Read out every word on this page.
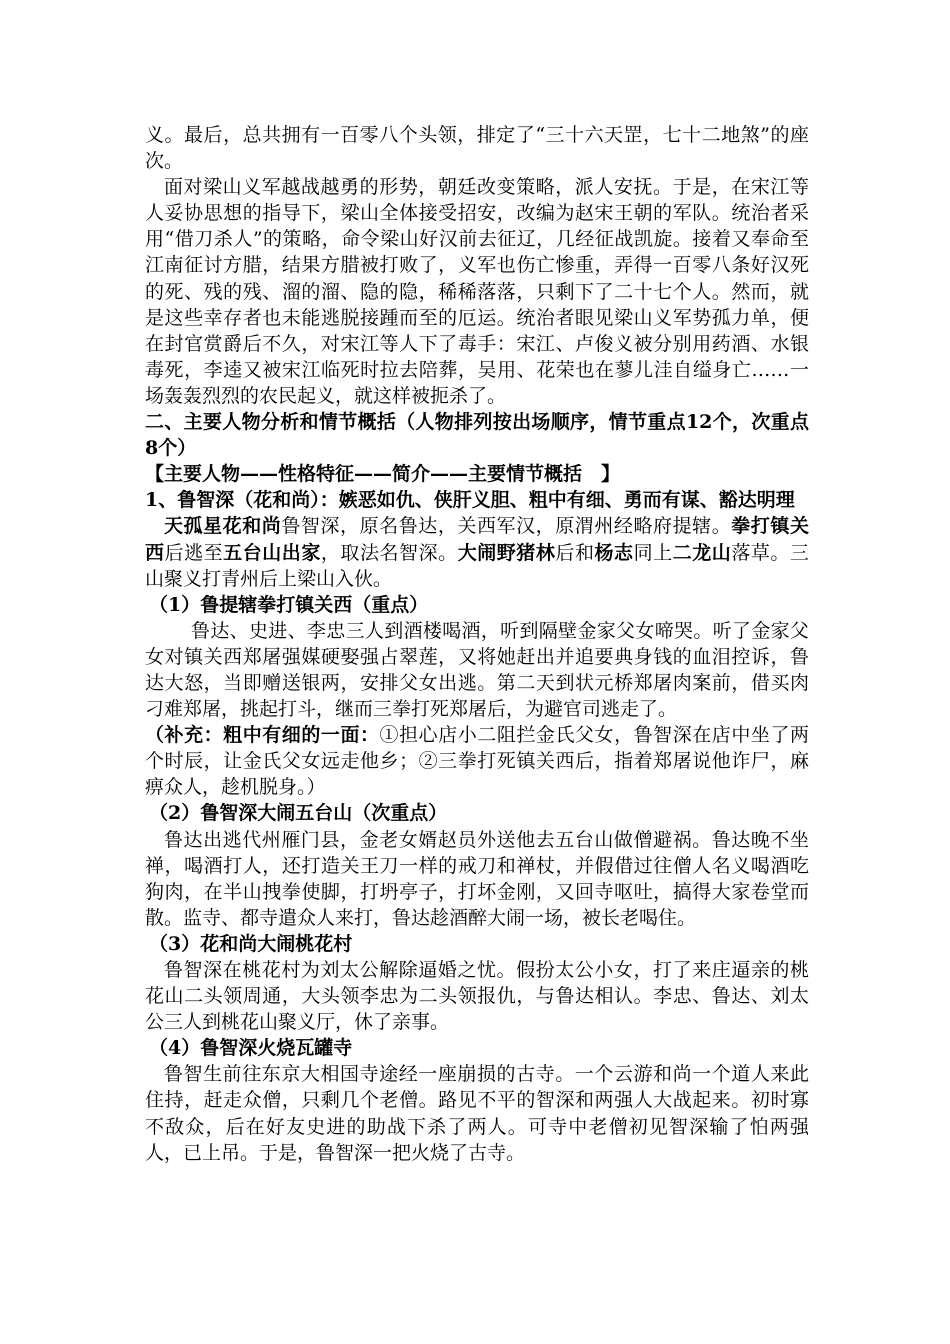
义。最后，总共拥有一百零八个头领，排定了“三十六天罡，七十二地煞”的座次。

面对梁山义军越战越勇的形势，朝廷改变策略，派人安抚。于是，在宋江等人妥协思想的指导下，梁山全体接受招安，改编为赵宋王朝的军队。统治者采用“借刀杀人”的策略，命令梁山好汉前去征辽，几经征战凯旋。接着又奉命至江南征讨方腊，结果方腊被打败了，义军也伤亡惨重，弄得一百零八条好汉死的死、残的残、溜的溜、隐的隐，稀稀落落，只剩下了二十七个人。然而，就是这些幸存者也未能逃脱接踵而至的厄运。统治者眼见梁山义军势孤力单，便在封官赏爵后不久，对宋江等人下了毒手：宋江、卢俊义被分别用药酒、水银毒死，李逵又被宋江临死时拉去陪葬，吴用、花荣也在蓼儿洼自缢身亡……一场轰轰烈烈的农民起义，就这样被扼杀了。

二、主要人物分析和情节概括（人物排列按出场顺序，情节重点12个，次重点8个）

【主要人物——性格特征——简介——主要情节概括　】

1、鲁智深（花和尚）：嫉恶如仇、侠肝义胆、粗中有细、勇而有谋、豁达明理

天孤星花和尚鲁智深，原名鲁达，关西军汉，原渭州经略府提辖。拳打镇关西后逃至五台山出家，取法名智深。大闹野猪林后和杨志同上二龙山落草。三山聚义打青州后上梁山入伙。

（1）鲁提辖拳打镇关西（重点）

鲁达、史进、李忠三人到酒楼喝酒，听到隔壁金家父女啼哭。听了金家父女对镇关西郑屠强媒硬娶强占翠莲，又将她赶出并追要典身钱的血泪控诉，鲁达大怒，当即赠送银两，安排父女出逃。第二天到状元桥郑屠肉案前，借买肉刁难郑屠，挑起打斗，继而三拳打死郑屠后，为避官司逃走了。

（补充：粗中有细的一面：①担心店小二阻拦金氏父女，鲁智深在店中坐了两个时辰，让金氏父女远走他乡；②三拳打死镇关西后，指着郑屠说他诈尸，麻痹众人，趁机脱身。）

（2）鲁智深大闹五台山（次重点）

鲁达出逃代州雁门县，金老女婿赵员外送他去五台山做僧避祸。鲁达晚不坐禅，喝酒打人，还打造关王刀一样的戒刀和禅杖，并假借过往僧人名义喝酒吃狗肉，在半山拽拳使脚，打坍亭子，打坏金刚，又回寺呕吐，搞得大家卷堂而散。监寺、都寺遣众人来打，鲁达趁酒醉大闹一场，被长老喝住。

（3）花和尚大闹桃花村

鲁智深在桃花村为刘太公解除逼婚之忧。假扮太公小女，打了来庄逼亲的桃花山二头领周通，大头领李忠为二头领报仇，与鲁达相认。李忠、鲁达、刘太公三人到桃花山聚义厅，休了亲事。

（4）鲁智深火烧瓦罐寺

鲁智生前往东京大相国寺途经一座崩损的古寺。一个云游和尚一个道人来此住持，赶走众僧，只剩几个老僧。路见不平的智深和两强人大战起来。初时寡不敌众，后在好友史进的助战下杀了两人。可寺中老僧初见智深输了怕两强人，已上吊。于是，鲁智深一把火烧了古寺。
